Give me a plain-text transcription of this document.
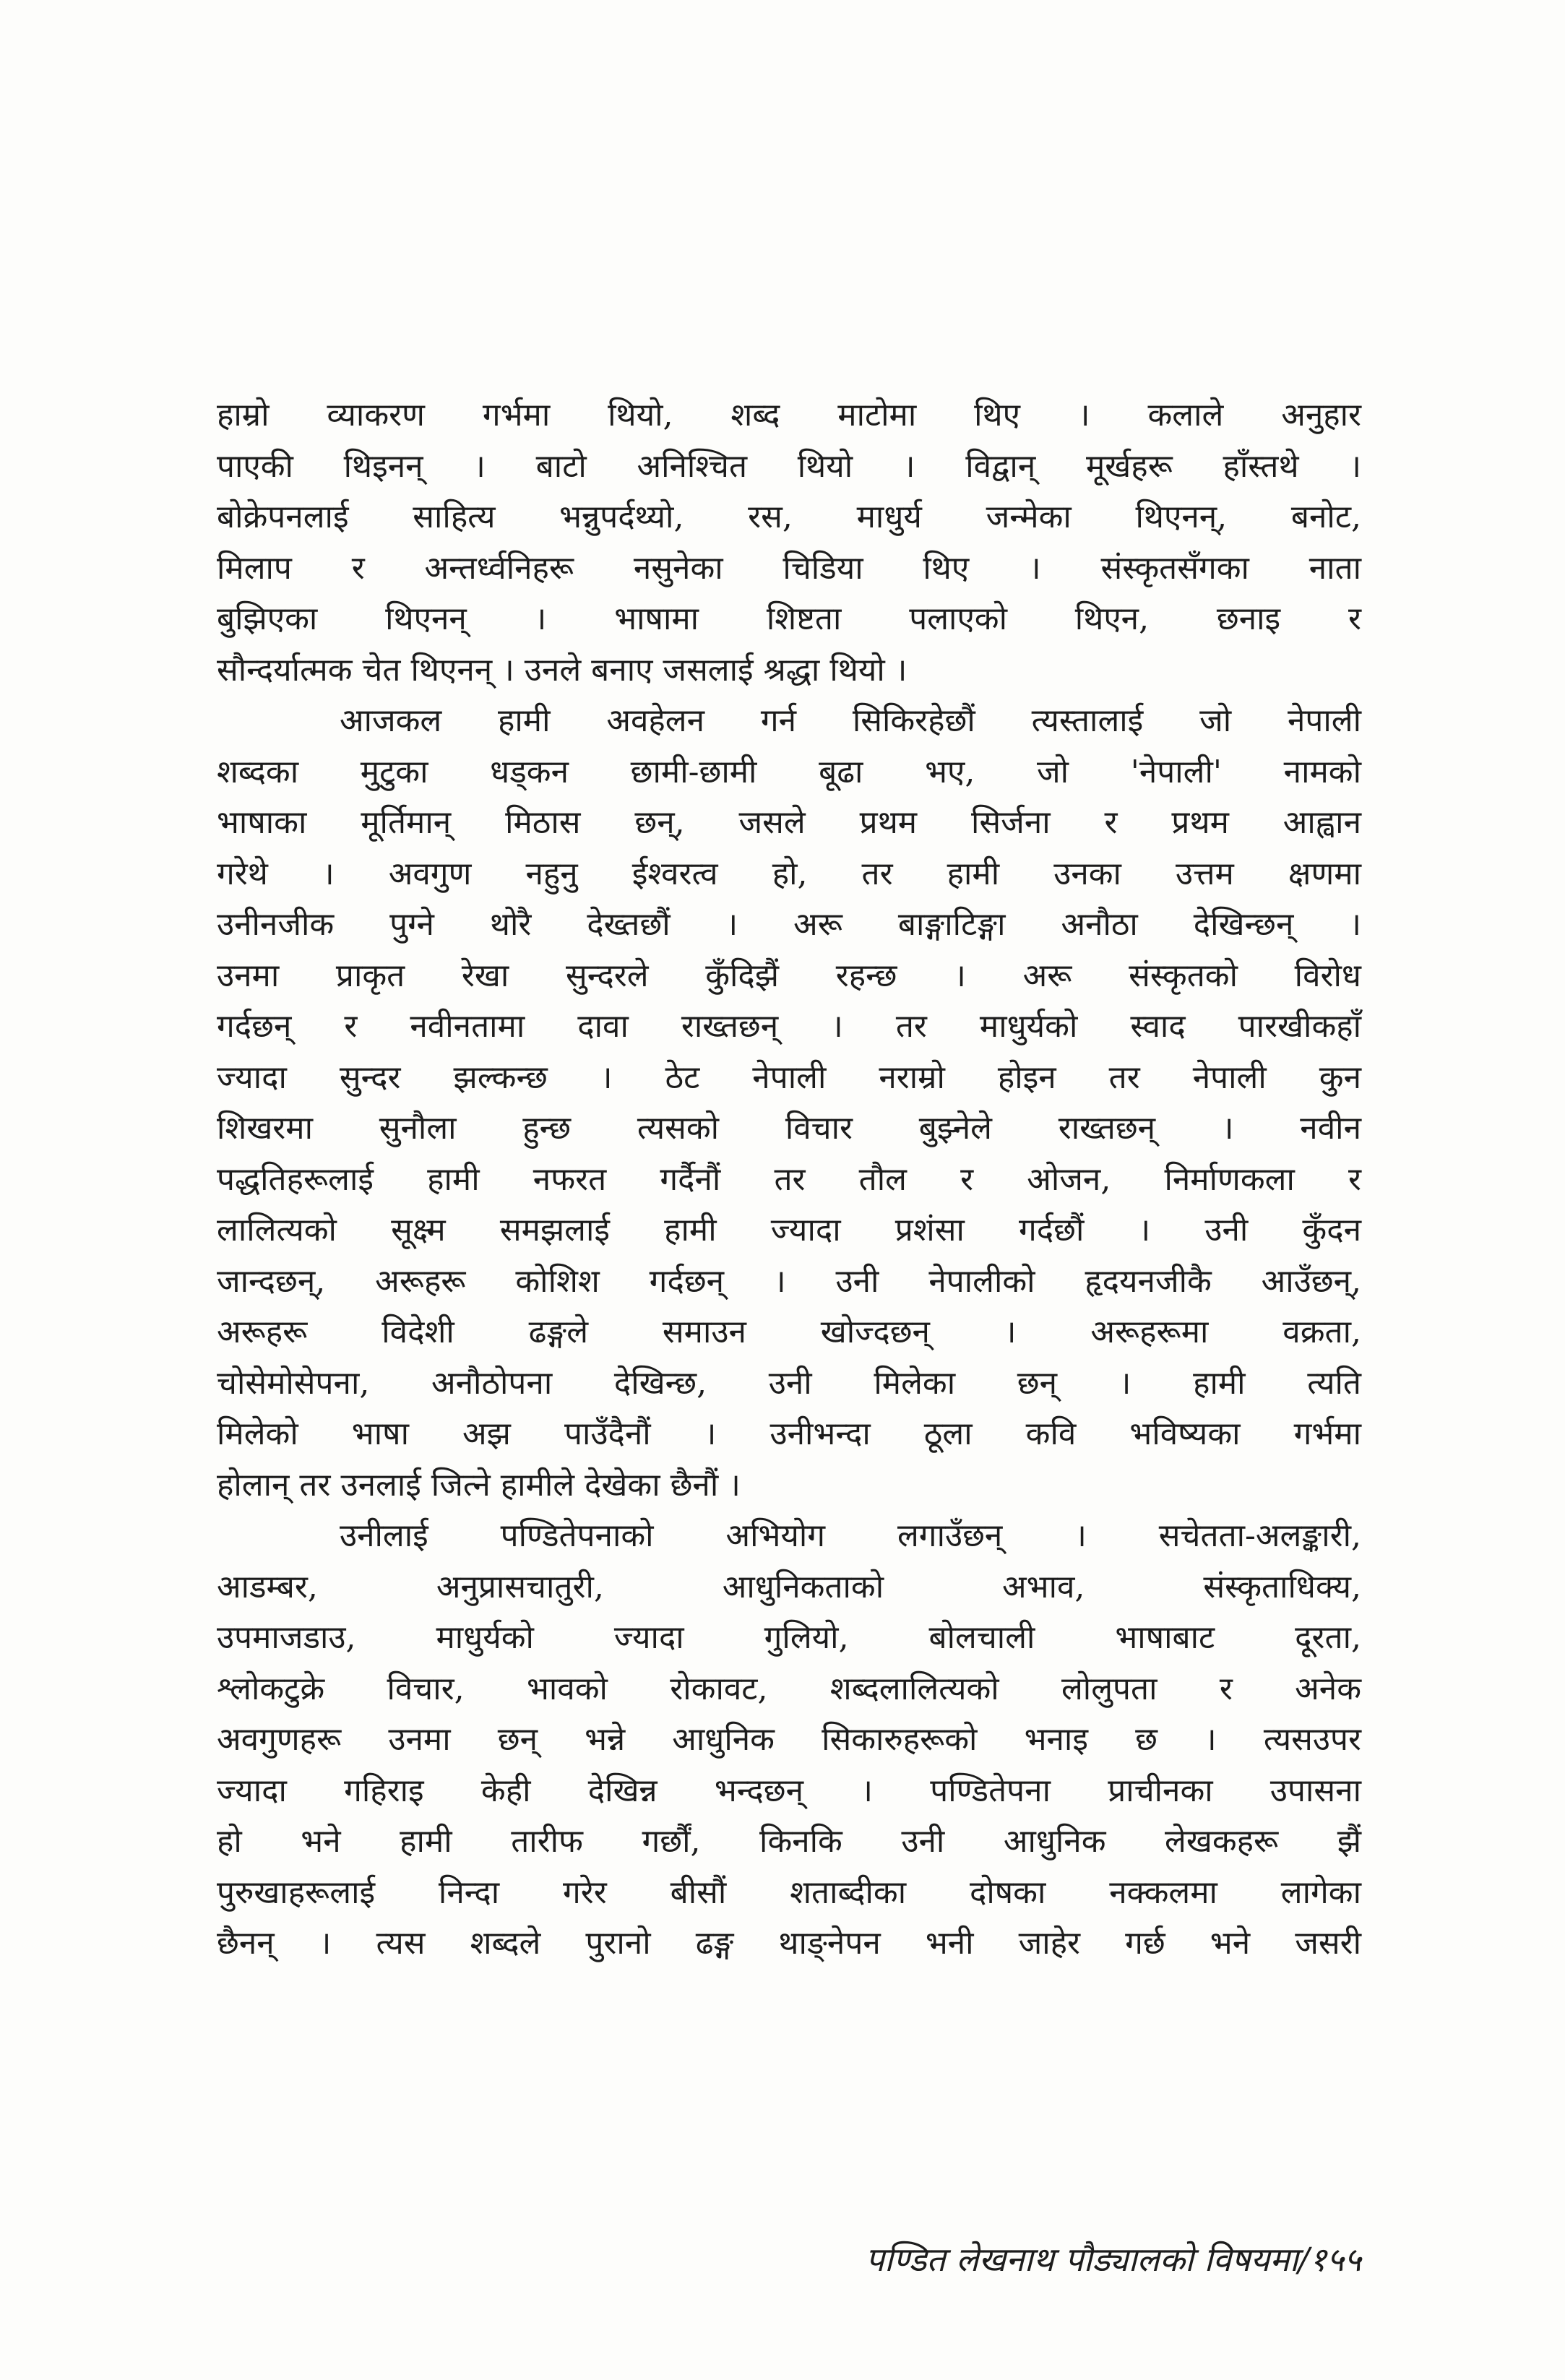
हाम्रो व्याकरण गर्भमा थियो, शब्द माटोमा थिए । कलाले अनुहार
पाएकी थिइनन् । बाटो अनिश्चित थियो । विद्वान् मूर्खहरू हाँस्तथे ।
बोक्रेपनलाई साहित्य भन्नुपर्दथ्यो, रस, माधुर्य जन्मेका थिएनन्, बनोट,
मिलाप र अन्तर्ध्वनिहरू नसुनेका चिडिया थिए । संस्कृतसँगका नाता
बुझिएका थिएनन् । भाषामा शिष्टता पलाएको थिएन, छनाइ र
सौन्दर्यात्मक चेत थिएनन् । उनले बनाए जसलाई श्रद्धा थियो ।
आजकल हामी अवहेलन गर्न सिकिरहेछौं त्यस्तालाई जो नेपाली
शब्दका मुटुका धड्कन छामी-छामी बूढा भए, जो 'नेपाली' नामको
भाषाका मूर्तिमान् मिठास छन्, जसले प्रथम सिर्जना र प्रथम आह्वान
गरेथे । अवगुण नहुनु ईश्वरत्व हो, तर हामी उनका उत्तम क्षणमा
उनीनजीक पुग्ने थोरै देख्तछौं । अरू बाङ्गाटिङ्गा अनौठा देखिन्छन् ।
उनमा प्राकृत रेखा सुन्दरले कुँदिझैं रहन्छ । अरू संस्कृतको विरोध
गर्दछन् र नवीनतामा दावा राख्तछन् । तर माधुर्यको स्वाद पारखीकहाँ
ज्यादा सुन्दर झल्कन्छ । ठेट नेपाली नराम्रो होइन तर नेपाली कुन
शिखरमा सुनौला हुन्छ त्यसको विचार बुझ्नेले राख्तछन् । नवीन
पद्धतिहरूलाई हामी नफरत गर्दैनौं तर तौल र ओजन, निर्माणकला र
लालित्यको सूक्ष्म समझलाई हामी ज्यादा प्रशंसा गर्दछौं । उनी कुँदन
जान्दछन्, अरूहरू कोशिश गर्दछन् । उनी नेपालीको हृदयनजीकै आउँछन्,
अरूहरू विदेशी ढङ्गले समाउन खोज्दछन् । अरूहरूमा वक्रता,
चोसेमोसेपना, अनौठोपना देखिन्छ, उनी मिलेका छन् । हामी त्यति
मिलेको भाषा अझ पाउँदैनौं । उनीभन्दा ठूला कवि भविष्यका गर्भमा
होलान् तर उनलाई जित्ने हामीले देखेका छैनौं ।
उनीलाई पण्डितेपनाको अभियोग लगाउँछन् । सचेतता-अलङ्कारी,
आडम्बर, अनुप्रासचातुरी, आधुनिकताको अभाव, संस्कृताधिक्य,
उपमाजडाउ, माधुर्यको ज्यादा गुलियो, बोलचाली भाषाबाट दूरता,
श्लोकटुक्रे विचार, भावको रोकावट, शब्दलालित्यको लोलुपता र अनेक
अवगुणहरू उनमा छन् भन्ने आधुनिक सिकारुहरूको भनाइ छ । त्यसउपर
ज्यादा गहिराइ केही देखिन्न भन्दछन् । पण्डितेपना प्राचीनका उपासना
हो भने हामी तारीफ गर्छौं, किनकि उनी आधुनिक लेखकहरू झैं
पुरुखाहरूलाई निन्दा गरेर बीसौं शताब्दीका दोषका नक्कलमा लागेका
छैनन् । त्यस शब्दले पुरानो ढङ्ग थाङ्नेपन भनी जाहेर गर्छ भने जसरी
पण्डित लेखनाथ पौड्यालको विषयमा/१५५
